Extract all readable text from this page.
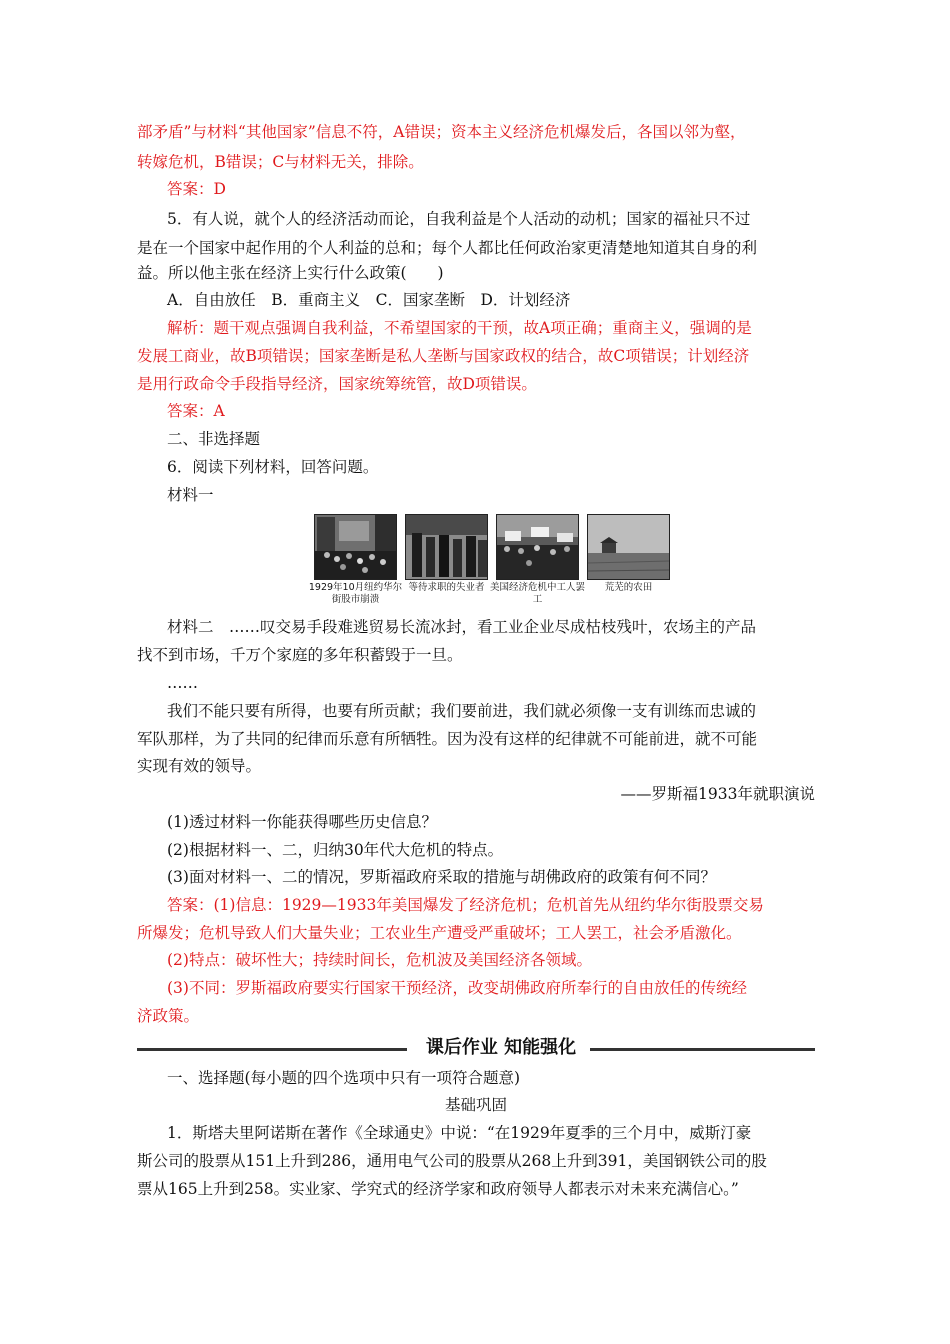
部矛盾”与材料“其他国家”信息不符，A错误；资本主义经济危机爆发后，各国以邻为壑，
转嫁危机，B错误；C与材料无关，排除。
答案：D
5．有人说，就个人的经济活动而论，自我利益是个人活动的动机；国家的福祉只不过
是在一个国家中起作用的个人利益的总和；每个人都比任何政治家更清楚地知道其自身的利
益。所以他主张在经济上实行什么政策(　　)
A．自由放任　B．重商主义　C．国家垄断　D．计划经济
解析：题干观点强调自我利益，不希望国家的干预，故A项正确；重商主义，强调的是
发展工商业，故B项错误；国家垄断是私人垄断与国家政权的结合，故C项错误；计划经济
是用行政命令手段指导经济，国家统筹统管，故D项错误。
答案：A
二、非选择题
6．阅读下列材料，回答问题。
材料一
1929年10月纽约华尔街股市崩溃
等待求职的失业者 美国经济危机中工人罢工
荒芜的农田
材料二　……叹交易手段难逃贸易长流冰封，看工业企业尽成枯枝残叶，农场主的产品
找不到市场，千万个家庭的多年积蓄毁于一旦。
……
我们不能只要有所得，也要有所贡献；我们要前进，我们就必须像一支有训练而忠诚的
军队那样，为了共同的纪律而乐意有所牺牲。因为没有这样的纪律就不可能前进，就不可能
实现有效的领导。
——罗斯福1933年就职演说
(1)透过材料一你能获得哪些历史信息？
(2)根据材料一、二，归纳30年代大危机的特点。
(3)面对材料一、二的情况，罗斯福政府采取的措施与胡佛政府的政策有何不同？
答案：(1)信息：1929—1933年美国爆发了经济危机；危机首先从纽约华尔街股票交易
所爆发；危机导致人们大量失业；工农业生产遭受严重破坏；工人罢工，社会矛盾激化。
(2)特点：破坏性大；持续时间长，危机波及美国经济各领域。
(3)不同：罗斯福政府要实行国家干预经济，改变胡佛政府所奉行的自由放任的传统经
济政策。
课后作业 知能强化
一、选择题(每小题的四个选项中只有一项符合题意)
基础巩固
1．斯塔夫里阿诺斯在著作《全球通史》中说：“在1929年夏季的三个月中，威斯汀豪
斯公司的股票从151上升到286，通用电气公司的股票从268上升到391，美国钢铁公司的股
票从165上升到258。实业家、学究式的经济学家和政府领导人都表示对未来充满信心。”
